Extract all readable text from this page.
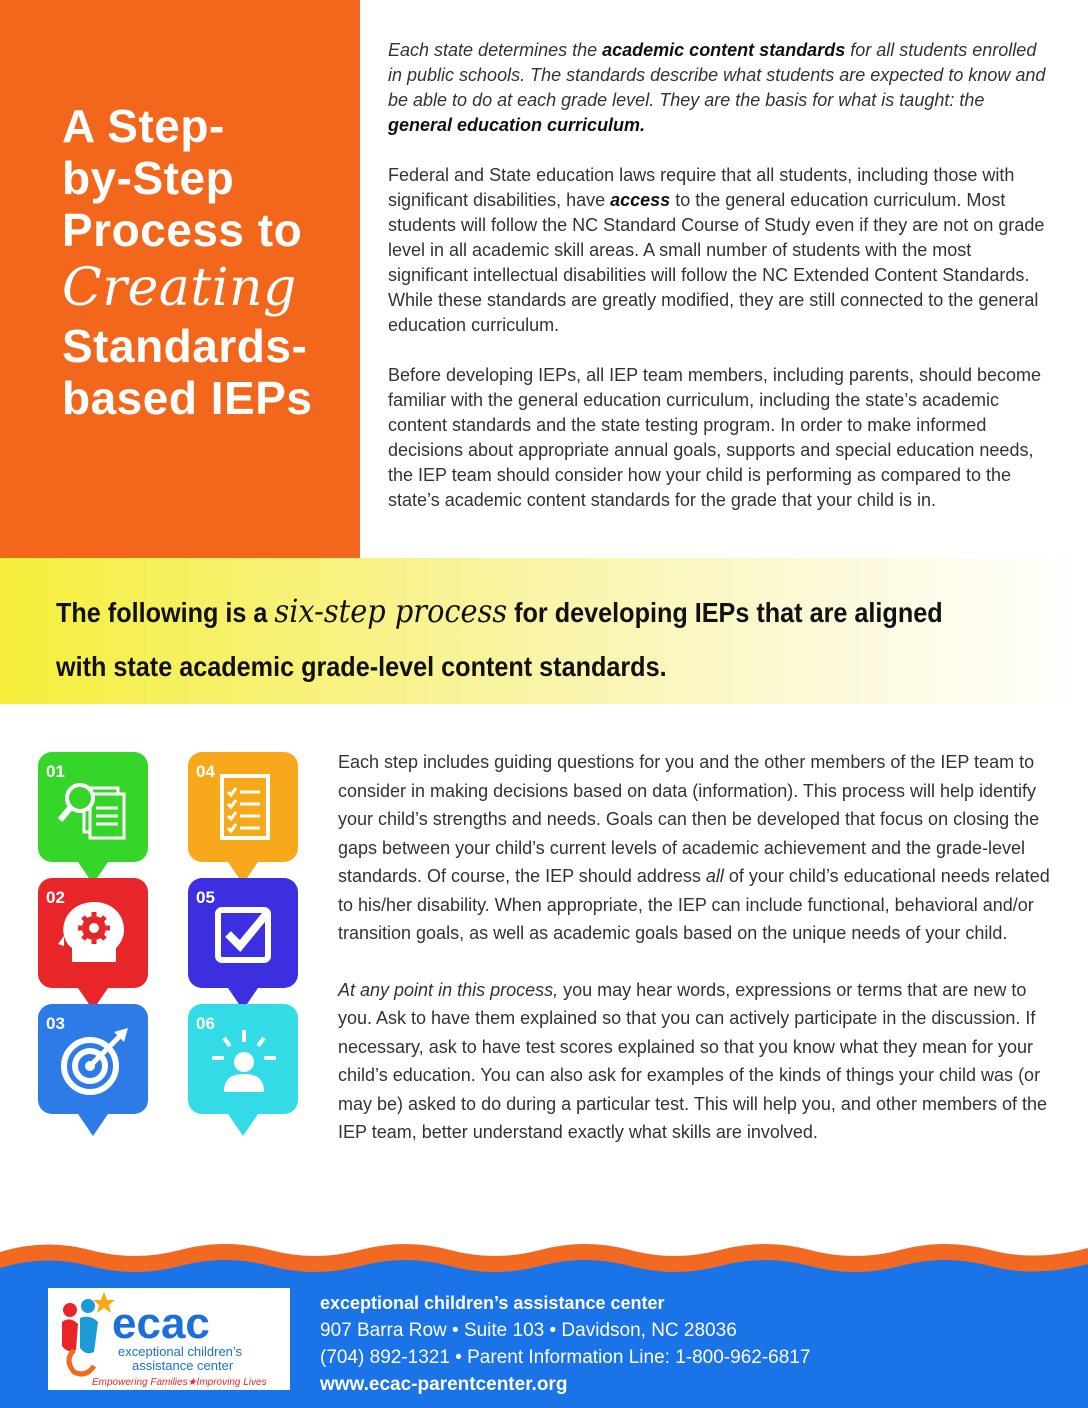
A Step-
by-Step
Process to
Creating
Standards-
based IEPs

Each state determines the academic content standards for all students enrolled in public schools. The standards describe what students are expected to know and be able to do at each grade level. They are the basis for what is taught: the general education curriculum.

Federal and State education laws require that all students, including those with significant disabilities, have access to the general education curriculum. Most students will follow the NC Standard Course of Study even if they are not on grade level in all academic skill areas. A small number of students with the most significant intellectual disabilities will follow the NC Extended Content Standards. While these standards are greatly modified, they are still connected to the general education curriculum.

Before developing IEPs, all IEP team members, including parents, should become familiar with the general education curriculum, including the state’s academic content standards and the state testing program. In order to make informed decisions about appropriate annual goals, supports and special education needs, the IEP team should consider how your child is performing as compared to the state’s academic content standards for the grade that your child is in.

The following is a six-step process for developing IEPs that are aligned with state academic grade-level content standards.
01
02
03
04
05
06

Each step includes guiding questions for you and the other members of the IEP team to consider in making decisions based on data (information). This process will help identify your child’s strengths and needs. Goals can then be developed that focus on closing the gaps between your child’s current levels of academic achievement and the grade-level standards. Of course, the IEP should address all of your child’s educational needs related to his/her disability. When appropriate, the IEP can include functional, behavioral and/or transition goals, as well as academic goals based on the unique needs of your child.

At any point in this process, you may hear words, expressions or terms that are new to you. Ask to have them explained so that you can actively participate in the discussion. If necessary, ask to have test scores explained so that you know what they mean for your child’s education. You can also ask for examples of the kinds of things your child was (or may be) asked to do during a particular test. This will help you, and other members of the IEP team, better understand exactly what skills are involved.

ecac
exceptional children’s
assistance center
Empowering Families★Improving Lives
exceptional children’s assistance center
907 Barra Row • Suite 103 • Davidson, NC 28036
(704) 892-1321 • Parent Information Line: 1-800-962-6817
www.ecac-parentcenter.org
